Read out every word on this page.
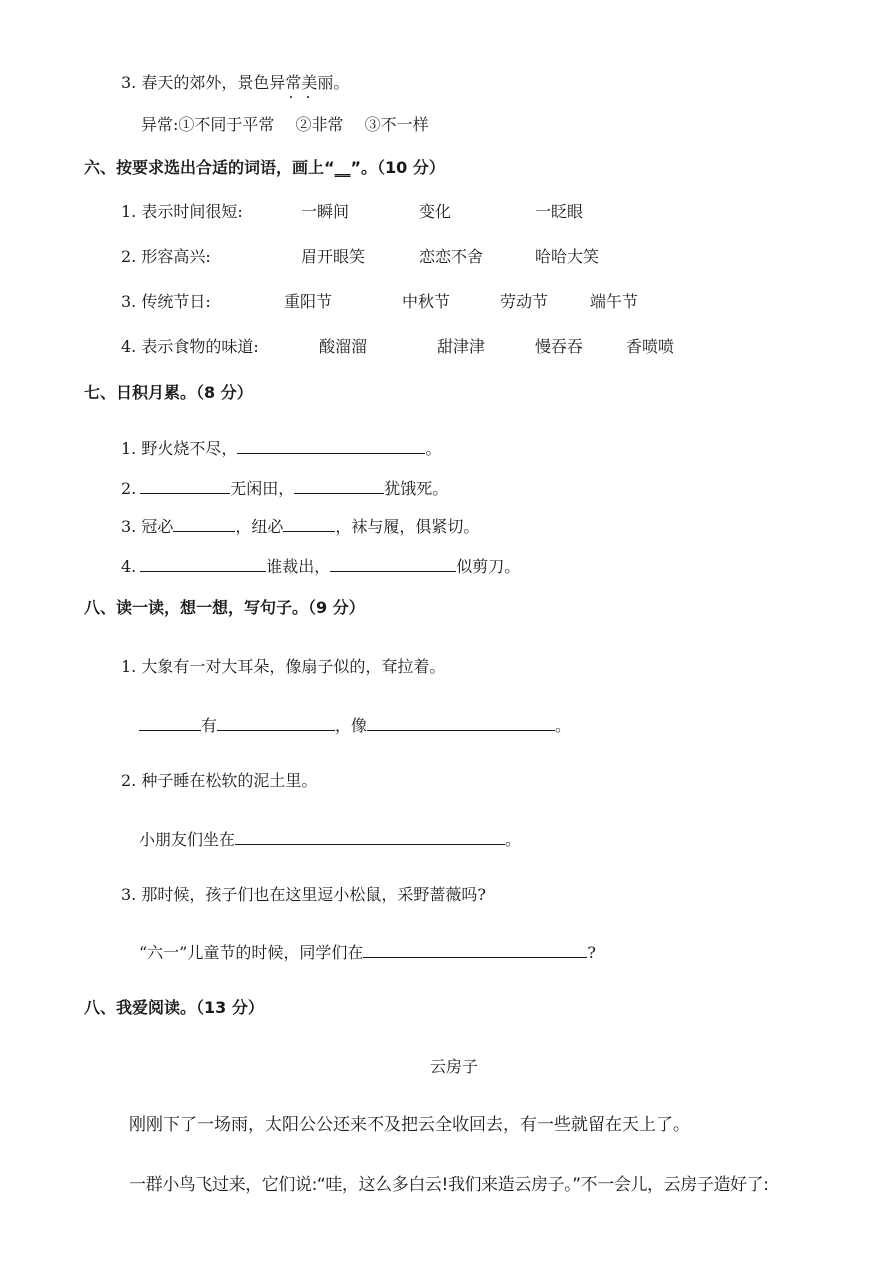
3. 春天的郊外，景色异常美丽。
异常:①不同于平常　 ②非常　 ③不一样
六、按要求选出合适的词语，画上“__”。（10 分）
1. 表示时间很短:	一瞬间	变化	一眨眼
2. 形容高兴:	眉开眼笑	恋恋不舍	哈哈大笑
3. 传统节日:	重阳节	中秋节	劳动节	端午节
4. 表示食物的味道:	酸溜溜	甜津津	慢吞吞	香喷喷
七、日积月累。（8 分）
1. 野火烧不尽，	。
2.	无闲田，	犹饿死。
3. 冠必	，纽必	，袜与履，俱紧切。
4.	谁裁出，	似剪刀。
八、读一读，想一想，写句子。（9 分）
1. 大象有一对大耳朵，像扇子似的，耷拉着。
有	，像	。
2. 种子睡在松软的泥土里。
小朋友们坐在	。
3. 那时候，孩子们也在这里逗小松鼠，采野蔷薇吗?
“六一”儿童节的时候，同学们在	?
八、我爱阅读。（13 分）
云房子
刚刚下了一场雨，太阳公公还来不及把云全收回去，有一些就留在天上了。
一群小鸟飞过来，它们说:“哇，这么多白云!我们来造云房子。”不一会儿，云房子造好了:
